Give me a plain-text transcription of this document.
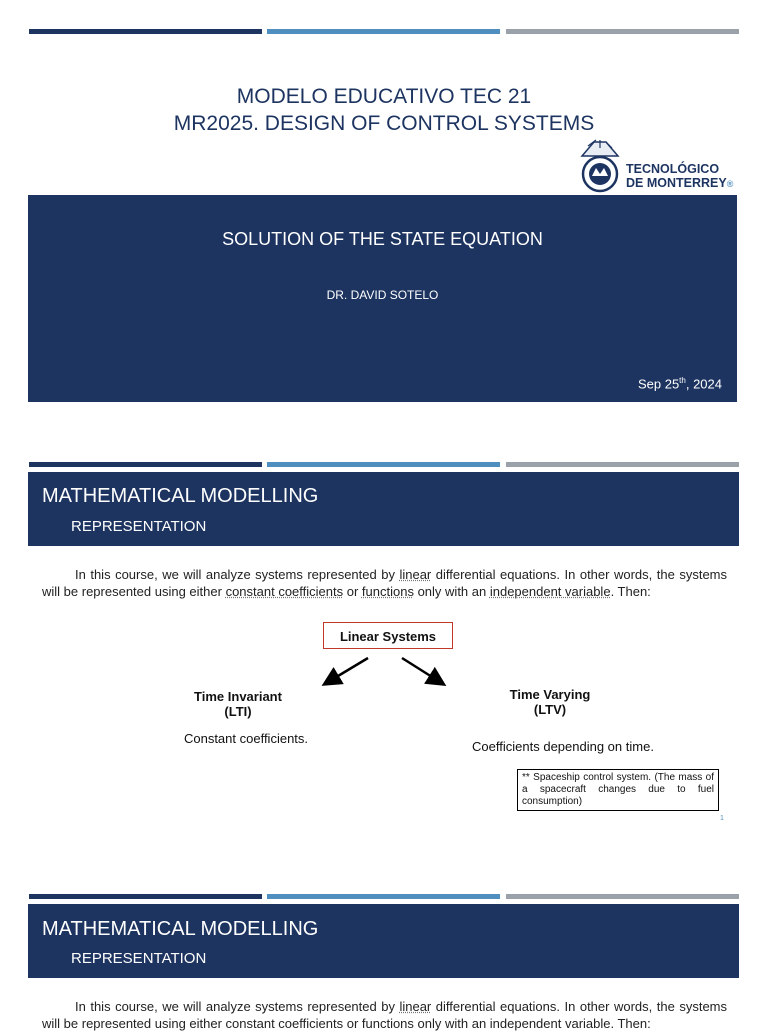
MODELO EDUCATIVO TEC 21
MR2025. DESIGN OF CONTROL SYSTEMS
TECNOLÓGICO
DE MONTERREY®
SOLUTION OF THE STATE EQUATION
DR. DAVID SOTELO
Sep 25th, 2024
MATHEMATICAL MODELLING
REPRESENTATION
In this course, we will analyze systems represented by linear differential equations. In other words, the systems will be represented using either constant coefficients or functions only with an independent variable. Then:
Linear Systems
Time Invariant
(LTI)
Constant coefficients.
Time Varying
(LTV)
Coefficients depending on time.
** Spaceship control system. (The mass of a spacecraft changes due to fuel consumption)
1
MATHEMATICAL MODELLING
REPRESENTATION
In this course, we will analyze systems represented by linear differential equations. In other words, the systems will be represented using either constant coefficients or functions only with an independent variable. Then:
